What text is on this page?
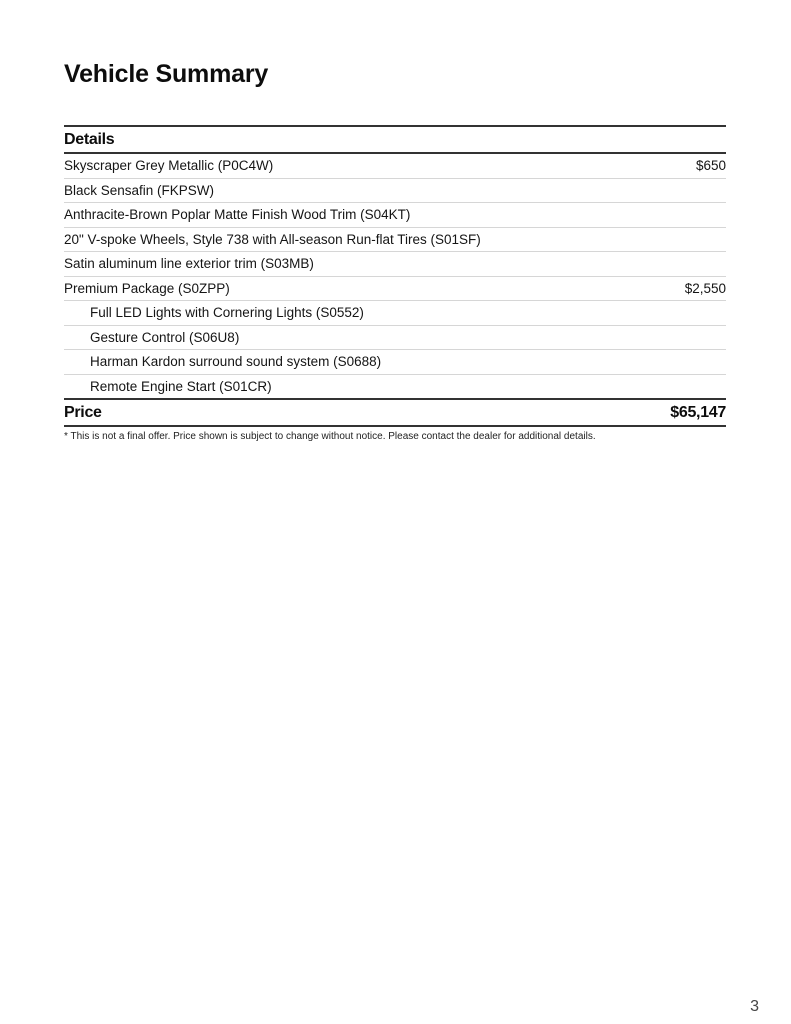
Vehicle Summary
Details
Skyscraper Grey Metallic (P0C4W)	$650
Black Sensafin (FKPSW)
Anthracite-Brown Poplar Matte Finish Wood Trim (S04KT)
20" V-spoke Wheels, Style 738 with All-season Run-flat Tires (S01SF)
Satin aluminum line exterior trim (S03MB)
Premium Package (S0ZPP)	$2,550
Full LED Lights with Cornering Lights (S0552)
Gesture Control (S06U8)
Harman Kardon surround sound system (S0688)
Remote Engine Start (S01CR)
Price	$65,147
* This is not a final offer. Price shown is subject to change without notice. Please contact the dealer for additional details.
3
